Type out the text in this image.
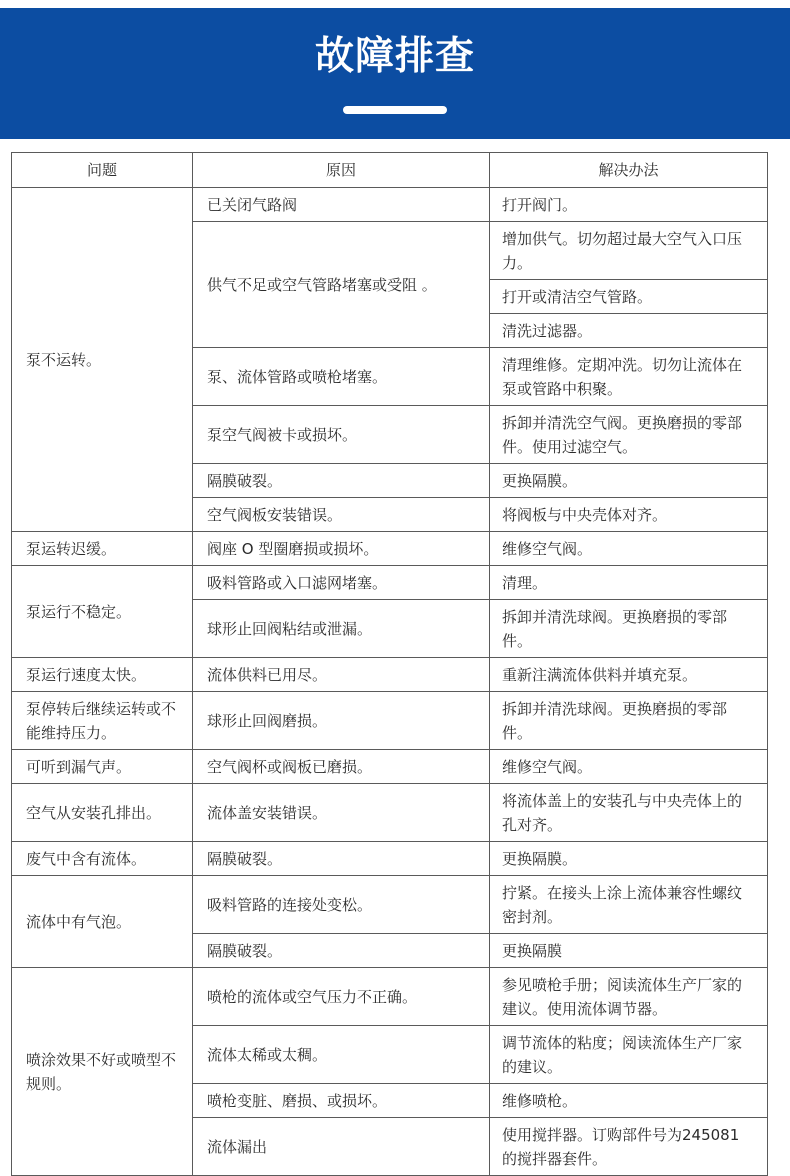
故障排查
问题	原因	解决办法
泵不运转。	已关闭气路阀	打开阀门。
	供气不足或空气管路堵塞或受阻 。	增加供气。切勿超过最大空气入口压力。
		打开或清洁空气管路。
		清洗过滤器。
	泵、流体管路或喷枪堵塞。	清理维修。定期冲洗。切勿让流体在泵或管路中积聚。
	泵空气阀被卡或损坏。	拆卸并清洗空气阀。更换磨损的零部件。使用过滤空气。
	隔膜破裂。	更换隔膜。
	空气阀板安装错误。	将阀板与中央壳体对齐。
泵运转迟缓。	阀座 O 型圈磨损或损坏。	维修空气阀。
泵运行不稳定。	吸料管路或入口滤网堵塞。	清理。
	球形止回阀粘结或泄漏。	拆卸并清洗球阀。更换磨损的零部件。
泵运行速度太快。	流体供料已用尽。	重新注满流体供料并填充泵。
泵停转后继续运转或不能维持压力。	球形止回阀磨损。	拆卸并清洗球阀。更换磨损的零部件。
可听到漏气声。	空气阀杯或阀板已磨损。	维修空气阀。
空气从安装孔排出。	流体盖安装错误。	将流体盖上的安装孔与中央壳体上的孔对齐。
废气中含有流体。	隔膜破裂。	更换隔膜。
流体中有气泡。	吸料管路的连接处变松。	拧紧。在接头上涂上流体兼容性螺纹密封剂。
	隔膜破裂。	更换隔膜
喷涂效果不好或喷型不规则。	喷枪的流体或空气压力不正确。	参见喷枪手册；阅读流体生产厂家的建议。使用流体调节器。
	流体太稀或太稠。	调节流体的粘度；阅读流体生产厂家的建议。
	喷枪变脏、磨损、或损坏。	维修喷枪。
	流体漏出	使用搅拌器。订购部件号为245081的搅拌器套件。
